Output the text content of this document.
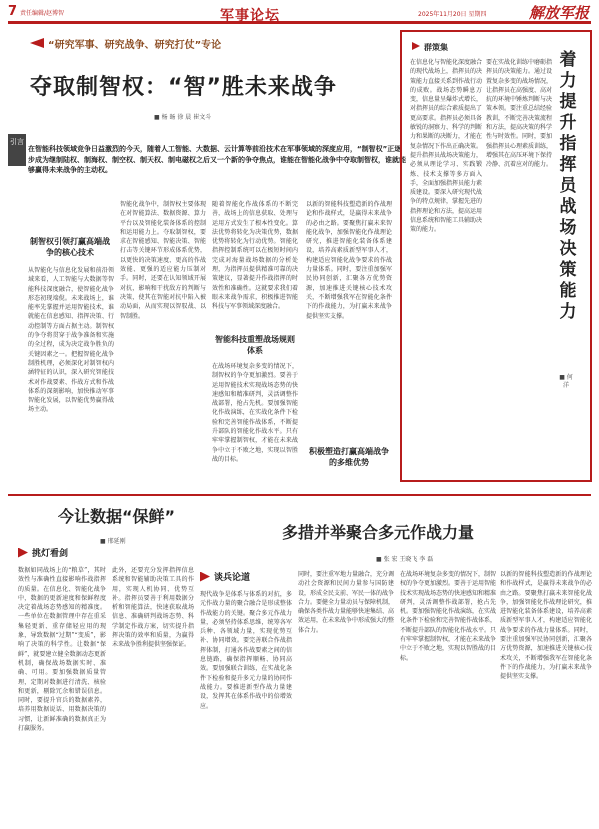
7 责任编辑/赵博智	军事论坛	2025年11月20日 星期四	解放军报
“研究军事、研究战争、研究打仗”专论
夺取制智权：“智”胜未来战争
■ 杨 旸 徐 晨 崔文斗
引言
在智能科技领域竞争日益激烈的今天，随着人工智能、大数据、云计算等前沿技术在军事领域的深度应用，“制智权”正逐步成为继制陆权、制海权、制空权、制天权、制电磁权之后又一个新的争夺焦点，谁能在智能化战争中夺取制智权，谁就能够赢得未来战争的主动权。
制智权引领打赢高端战争的核心技术
从智能化与信息化发展和前沿领域来看，人工智能与大数据等智能科技深度融合，使智能化战争形态初现端倪。未来战场上，谁能率先掌握并运用智能技术，谁就能在信息感知、指挥决策、行动控制等方面占据主动。制智权的争夺将贯穿于战争准备和实施的全过程，成为决定战争胜负的关键因素之一。把握智能化战争制胜机理，必须深化对制智权内涵特征的认识，深入研究智能技术对作战要素、作战方式和作战体系的深刻影响，加快推动军事智能化发展，以智能优势赢得战场主动。
智能化战争中，制智权主要体现在对智能算法、数据资源、算力平台以及智能化装备体系的控制和运用能力上。夺取制智权，要求在智能感知、智能决策、智能打击等关键环节形成体系优势，以更快的决策速度、更高的作战效能、更强的适应能力压制对手。同时，还要在认知领域开展对抗，影响和干扰敌方的判断与决策，使其在智能对抗中陷入被动局面，从而实现以智驭战、以智制胜。
智能科技重塑战场规则体系
随着智能化作战体系的不断完善，战场上的信息获取、处理与运用方式发生了根本性变化。算法优势将转化为决策优势，数据优势将转化为行动优势。智能化指挥控制系统可以在极短时间内完成对海量战场数据的分析处理，为指挥员提供精准可靠的决策建议，显著提升作战指挥的时效性和准确性。这就要求我们着眼未来战争需求，积极推进智能科技与军事领域深度融合。
在战场环境复杂多变的情况下，制智权的争夺更加激烈。要善于运用智能技术实现战场态势的快速感知和精准研判，灵活调整作战部署，抢占先机。要加强智能化作战演练，在实战化条件下检验和完善智能作战体系，不断提升部队的智能化作战水平。只有牢牢掌握制智权，才能在未来战争中立于不败之地，实现以智胜战的目标。
积极塑造打赢高端战争的多维优势
以新的智能科技塑造新的作战理论和作战样式，是赢得未来战争的必由之路。要聚焦打赢未来智能化战争，加强智能化作战理论研究，推进智能化装备体系建设，培养高素质新型军事人才，构建适应智能化战争要求的作战力量体系。同时，要注重加强军民协同创新，汇聚各方优势资源，加速推进关键核心技术攻关，不断增强我军在智能化条件下的作战能力，为打赢未来战争提供坚实支撑。
群策集
着力提升指挥员战场决策能力
■ 何 洋
在信息化与智能化深度融合的现代战场上，指挥员的决策能力直接关系到作战行动的成败。战场态势瞬息万变，信息量呈爆炸式增长，对指挥员的综合素质提出了更高要求。指挥员必须具备敏锐的洞察力、科学的判断力和果断的决断力，才能在复杂情况下作出正确决策。提升指挥员战场决策能力，必须从理论学习、实践锻炼、技术支撑等多方面入手，全面加强指挥员能力素质建设。要深入研究现代战争的特点规律，掌握先进的指挥理论和方法，提高运用信息系统和智能工具辅助决策的能力。
要在实战化训练中磨砺指挥员的决策能力。通过设置复杂多变的战场情况，让指挥员在高强度、高对抗的环境中锤炼判断与决策本领。要注重总结经验教训，不断完善决策流程和方法，提高决策的科学性与时效性。同时，要加强指挥员心理素质训练，增强其在高压环境下保持冷静、沉着应对的能力。
今让数据“保鲜”
■ 邢延刚
挑灯看剑
数据如同战场上的“粮草”，其时效性与准确性直接影响作战指挥的质量。在信息化、智能化战争中，数据的更新速度和保鲜程度决定着战场态势感知的精准度。一些单位在数据管理中存在重采集轻更新、重存储轻应用的现象，导致数据“过期”“变质”，影响了决策的科学性。让数据“保鲜”，就要建立健全数据动态更新机制，确保战场数据实时、准确、可用。要加强数据质量管理，定期对数据进行清洗、核验和更新，剔除冗余和错误信息。同时，要提升官兵的数据素养，培养用数据说话、用数据决策的习惯，让新鲜准确的数据真正为打赢服务。
此外，还要充分发挥指挥信息系统和智能辅助决策工具的作用，实现人机协同、优势互补。指挥员要善于利用数据分析和智能算法，快速获取战场信息、准确研判战场态势、科学制定作战方案，切实提升指挥决策的效率和质量，为赢得未来战争胜利提供坚强保证。
多措并举聚合多元作战力量
■ 张 宏 王晓飞 李 磊
谈兵论道
现代战争是体系与体系的对抗，多元作战力量的聚合融合是形成整体作战能力的关键。聚合多元作战力量，必须坚持体系思维，统筹各军兵种、各领域力量，实现优势互补、协同增效。要完善联合作战指挥体制，打通各作战要素之间的信息链路，确保指挥顺畅、协同高效。要加强联合训练，在实战化条件下检验和提升多元力量的协同作战能力。要推进新型作战力量建设，发挥其在体系作战中的倍增效应。
同时，要注重军地力量融合，充分调动社会资源和民间力量参与国防建设，形成全民支前、军民一体的战争合力。要健全力量动员与保障机制，确保各类作战力量能够快速集结、高效运用，在未来战争中形成强大的整体合力。
在战场环境复杂多变的情况下，制智权的争夺更加激烈。要善于运用智能技术实现战场态势的快速感知和精准研判，灵活调整作战部署，抢占先机。要加强智能化作战演练，在实战化条件下检验和完善智能作战体系，不断提升部队的智能化作战水平。只有牢牢掌握制智权，才能在未来战争中立于不败之地，实现以智胜战的目标。
以新的智能科技塑造新的作战理论和作战样式，是赢得未来战争的必由之路。要聚焦打赢未来智能化战争，加强智能化作战理论研究，推进智能化装备体系建设，培养高素质新型军事人才，构建适应智能化战争要求的作战力量体系。同时，要注重加强军民协同创新，汇聚各方优势资源，加速推进关键核心技术攻关，不断增强我军在智能化条件下的作战能力，为打赢未来战争提供坚实支撑。
